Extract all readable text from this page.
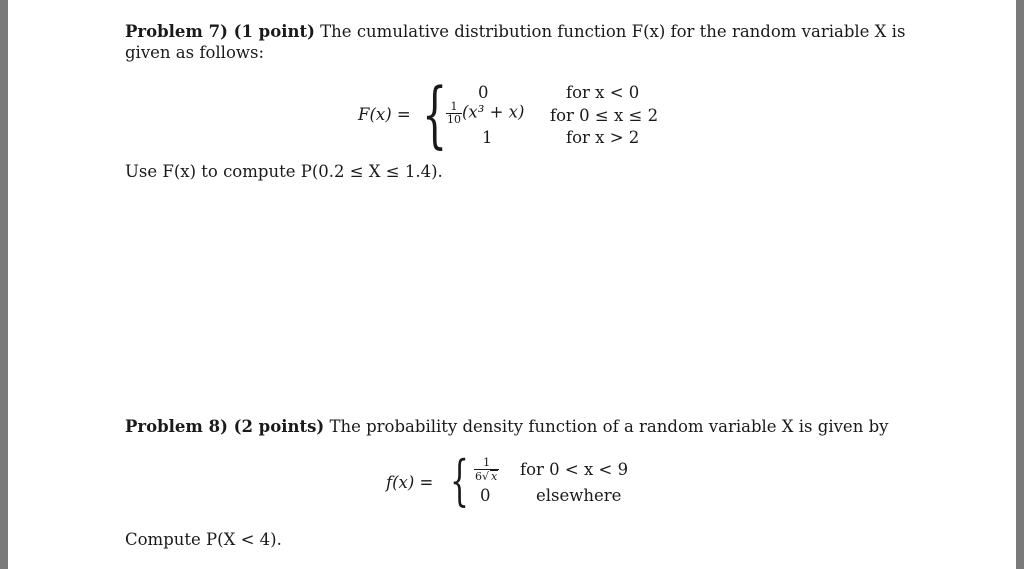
Problem 7) (1 point) The cumulative distribution function F(x) for the random variable X is
given as follows:
F(x) = { 0	for x < 0
$\frac{1}{10} (x^3 + x)$ for 0 ≤ x ≤ 2
1	for x > 2
Use F(x) to compute P(0.2 ≤ X ≤ 1.4).
Problem 8) (2 points) The probability density function of a random variable X is given by
f(x) = { $\frac{1}{6√ x}$ for 0 < x < 9
0	elsewhere
Compute P(X < 4).
